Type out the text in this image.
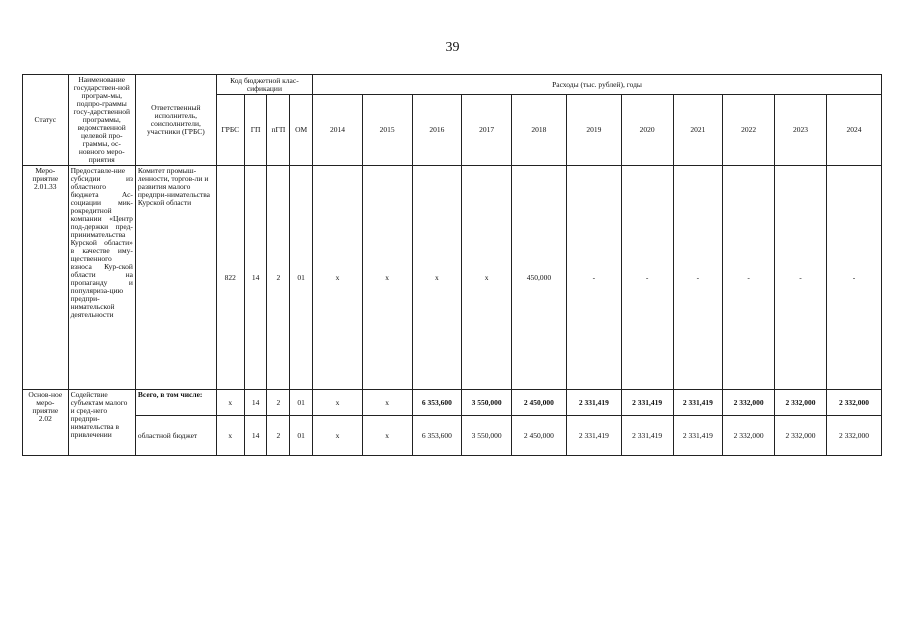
39
Статус	Наименование государствен-ной програм-мы, подпро-граммы госу-дарственной программы, ведомственной целевой про-граммы, ос-новного меро-приятия	Ответственный исполнитель, соисполнители, участники (ГРБС)	Код бюджетной клас-сификации				Расходы (тыс. рублей), годы										
			ГРБС	ГП	пГП	ОМ	2014	2015	2016	2017	2018	2019	2020	2021	2022	2023	2024
Меро-приятие 2.01.33	Предоставле-ние субсидии из областного бюджета Ас-социации мик-рокредитной компании «Центр под-держки пред-принимательства Курской области» в качестве иму-щественного взноса Кур-ской области на пропаганду и популяриза-цию предпри-нимательской деятельности	Комитет промыш-ленности, торгов-ли и развития малого предпри-нимательства Курской области	822	14	2	01	х	х	х	х	450,000	-	-	-	-	-	-
Основ-ное меро-приятие 2.02	Содействие субъектам малого и сред-него предпри-нимательства в привлечении	Всего, в том числе:	х	14	2	01	х	х	6 353,600	3 550,000	2 450,000	2 331,419	2 331,419	2 331,419	2 332,000	2 332,000	2 332,000
		областной бюджет	х	14	2	01	х	х	6 353,600	3 550,000	2 450,000	2 331,419	2 331,419	2 331,419	2 332,000	2 332,000	2 332,000
